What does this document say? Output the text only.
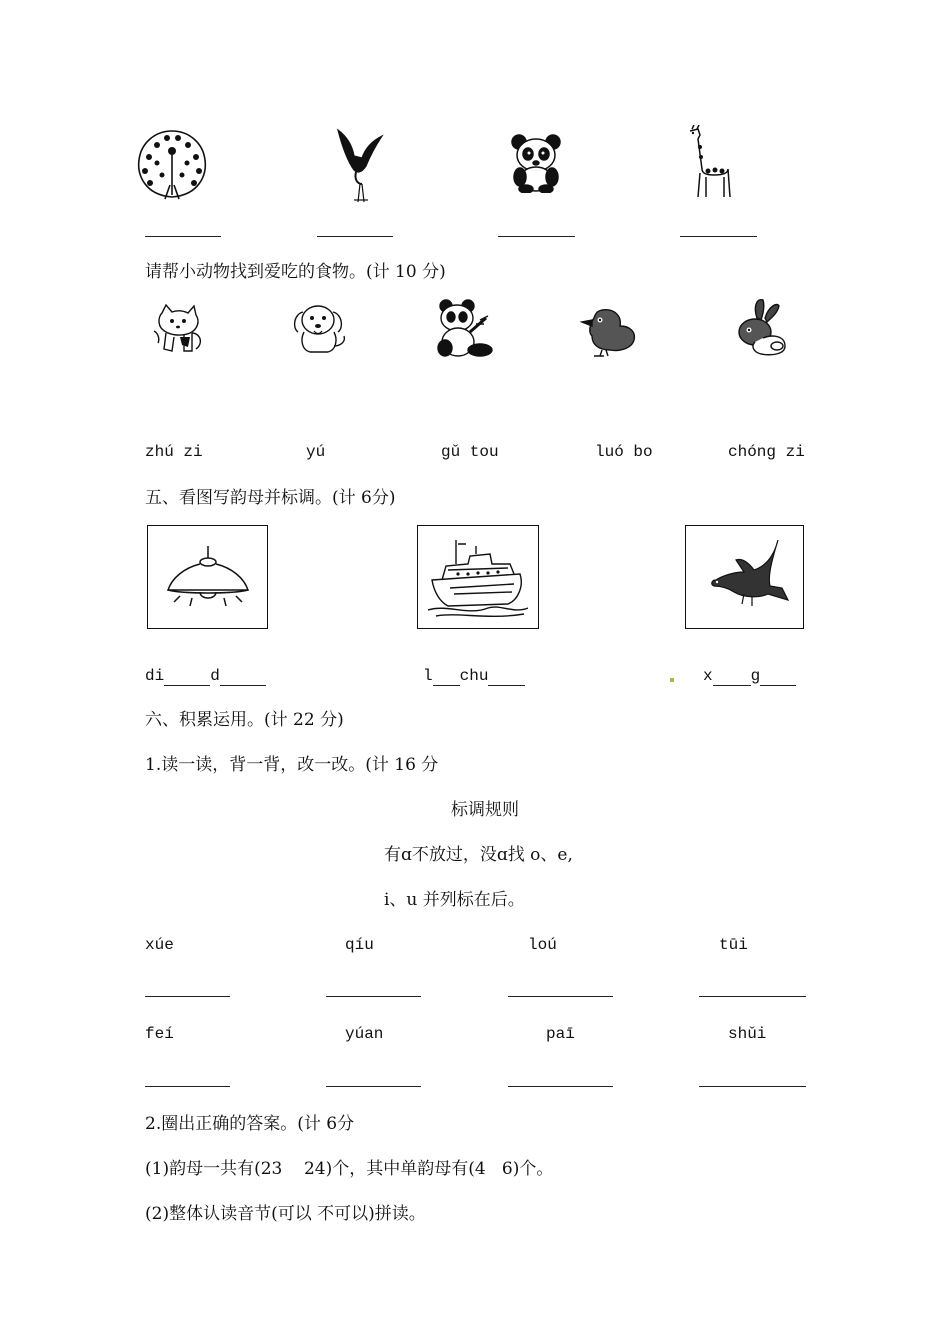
请帮小动物找到爱吃的食物。(计 10 分)
zhú zi	yú	gǔ tou	luó bo	chóng zi
五、看图写韵母并标调。(计 6分)
di	d	l chu	x g
六、积累运用。(计 22 分)
1.读一读，背一背，改一改。(计 16 分
标调规则
有ɑ不放过，没ɑ找 o、e,
i、u 并列标在后。
xúe	qíu	loú	tūi
feí	yúan	paī	shǔi
2.圈出正确的答案。(计 6分
(1)韵母一共有(23    24)个，其中单韵母有(4   6)个。
(2)整体认读音节(可以 不可以)拼读。
